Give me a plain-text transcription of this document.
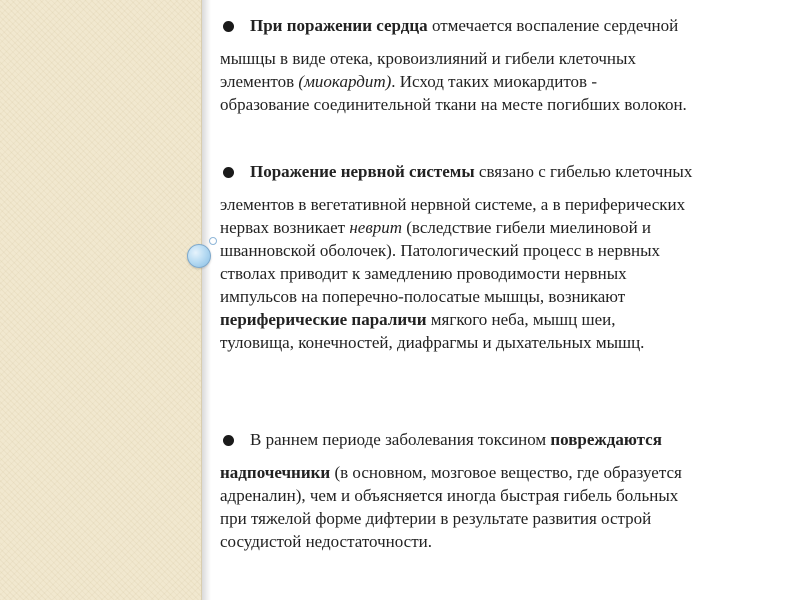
При поражении сердца отмечается воспаление сердечной
мышцы в виде отека, кровоизлияний и гибели клеточных
элементов (миокардит). Исход таких миокардитов -
образование соединительной ткани на месте погибших волокон.
Поражение нервной системы связано с гибелью клеточных
элементов в вегетативной нервной системе, а в периферических
нервах возникает неврит (вследствие гибели миелиновой и
шванновской оболочек). Патологический процесс в нервных
стволах приводит к замедлению проводимости нервных
импульсов на поперечно-полосатые мышцы, возникают
периферические параличи мягкого неба, мышц шеи,
туловища, конечностей, диафрагмы и дыхательных мышц.
В раннем периоде заболевания токсином повреждаются
надпочечники (в основном, мозговое вещество, где образуется
адреналин), чем и объясняется иногда быстрая гибель больных
при тяжелой форме дифтерии в результате развития острой
сосудистой недостаточности.
